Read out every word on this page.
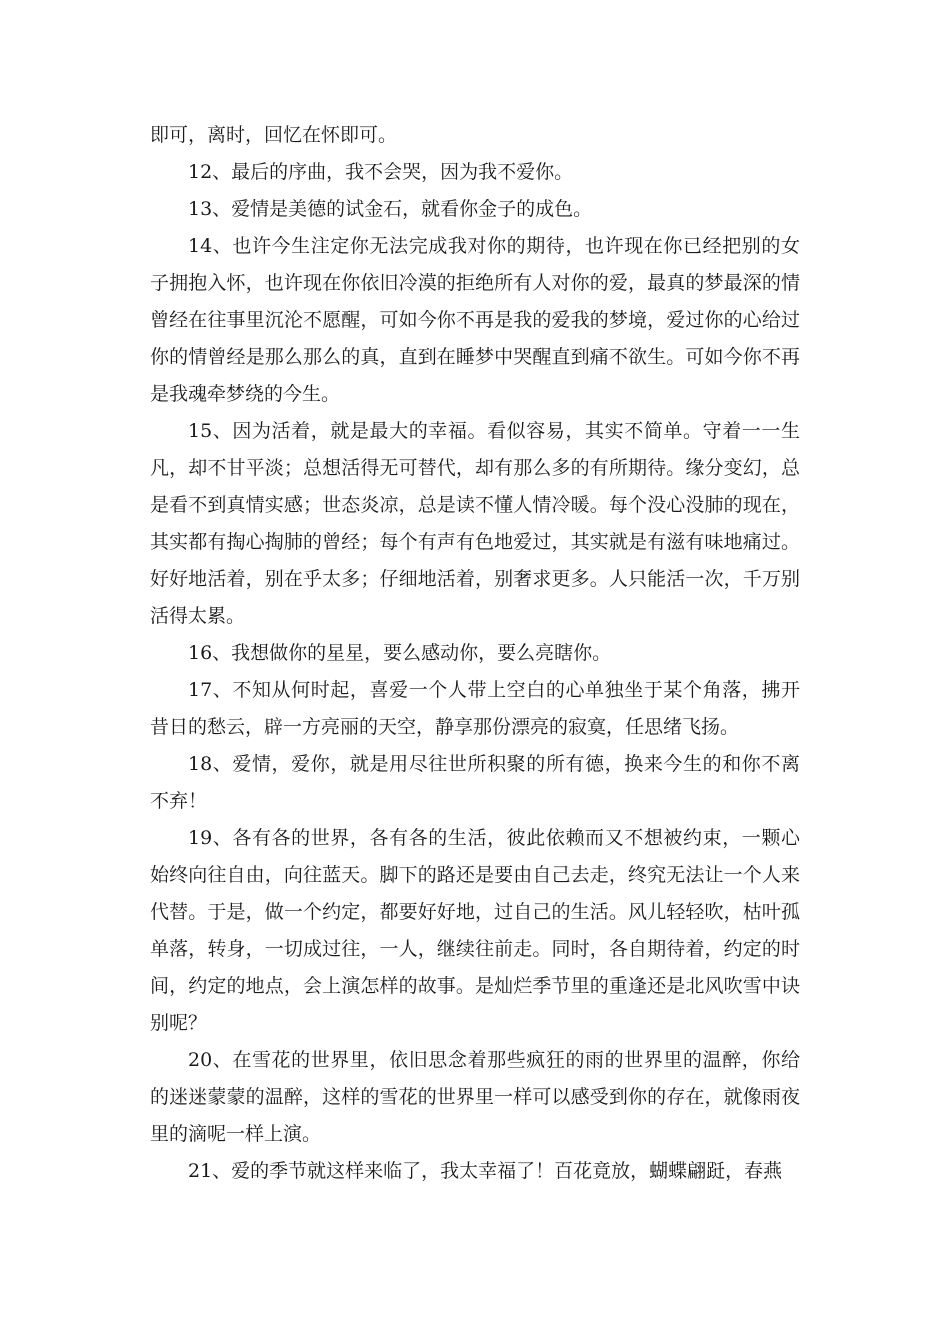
即可，离时，回忆在怀即可。

12、最后的序曲，我不会哭，因为我不爱你。

13、爱情是美德的试金石，就看你金子的成色。

14、也许今生注定你无法完成我对你的期待，也许现在你已经把别的女子拥抱入怀，也许现在你依旧冷漠的拒绝所有人对你的爱，最真的梦最深的情曾经在往事里沉沦不愿醒，可如今你不再是我的爱我的梦境，爱过你的心给过你的情曾经是那么那么的真，直到在睡梦中哭醒直到痛不欲生。可如今你不再是我魂牵梦绕的今生。

15、因为活着，就是最大的幸福。看似容易，其实不简单。守着一一生凡，却不甘平淡；总想活得无可替代，却有那么多的有所期待。缘分变幻，总是看不到真情实感；世态炎凉，总是读不懂人情冷暖。每个没心没肺的现在，其实都有掏心掏肺的曾经；每个有声有色地爱过，其实就是有滋有味地痛过。好好地活着，别在乎太多；仔细地活着，别奢求更多。人只能活一次，千万别活得太累。

16、我想做你的星星，要么感动你，要么亮瞎你。

17、不知从何时起，喜爱一个人带上空白的心单独坐于某个角落，拂开昔日的愁云，辟一方亮丽的天空，静享那份漂亮的寂寞，任思绪飞扬。

18、爱情，爱你，就是用尽往世所积聚的所有德，换来今生的和你不离不弃！

19、各有各的世界，各有各的生活，彼此依赖而又不想被约束，一颗心始终向往自由，向往蓝天。脚下的路还是要由自己去走，终究无法让一个人来代替。于是，做一个约定，都要好好地，过自己的生活。风儿轻轻吹，枯叶孤单落，转身，一切成过往，一人，继续往前走。同时，各自期待着，约定的时间，约定的地点，会上演怎样的故事。是灿烂季节里的重逢还是北风吹雪中诀别呢？

20、在雪花的世界里，依旧思念着那些疯狂的雨的世界里的温醉，你给的迷迷蒙蒙的温醉，这样的雪花的世界里一样可以感受到你的存在，就像雨夜里的滴呢一样上演。

21、爱的季节就这样来临了，我太幸福了！百花竟放，蝴蝶翩跹，春燕
